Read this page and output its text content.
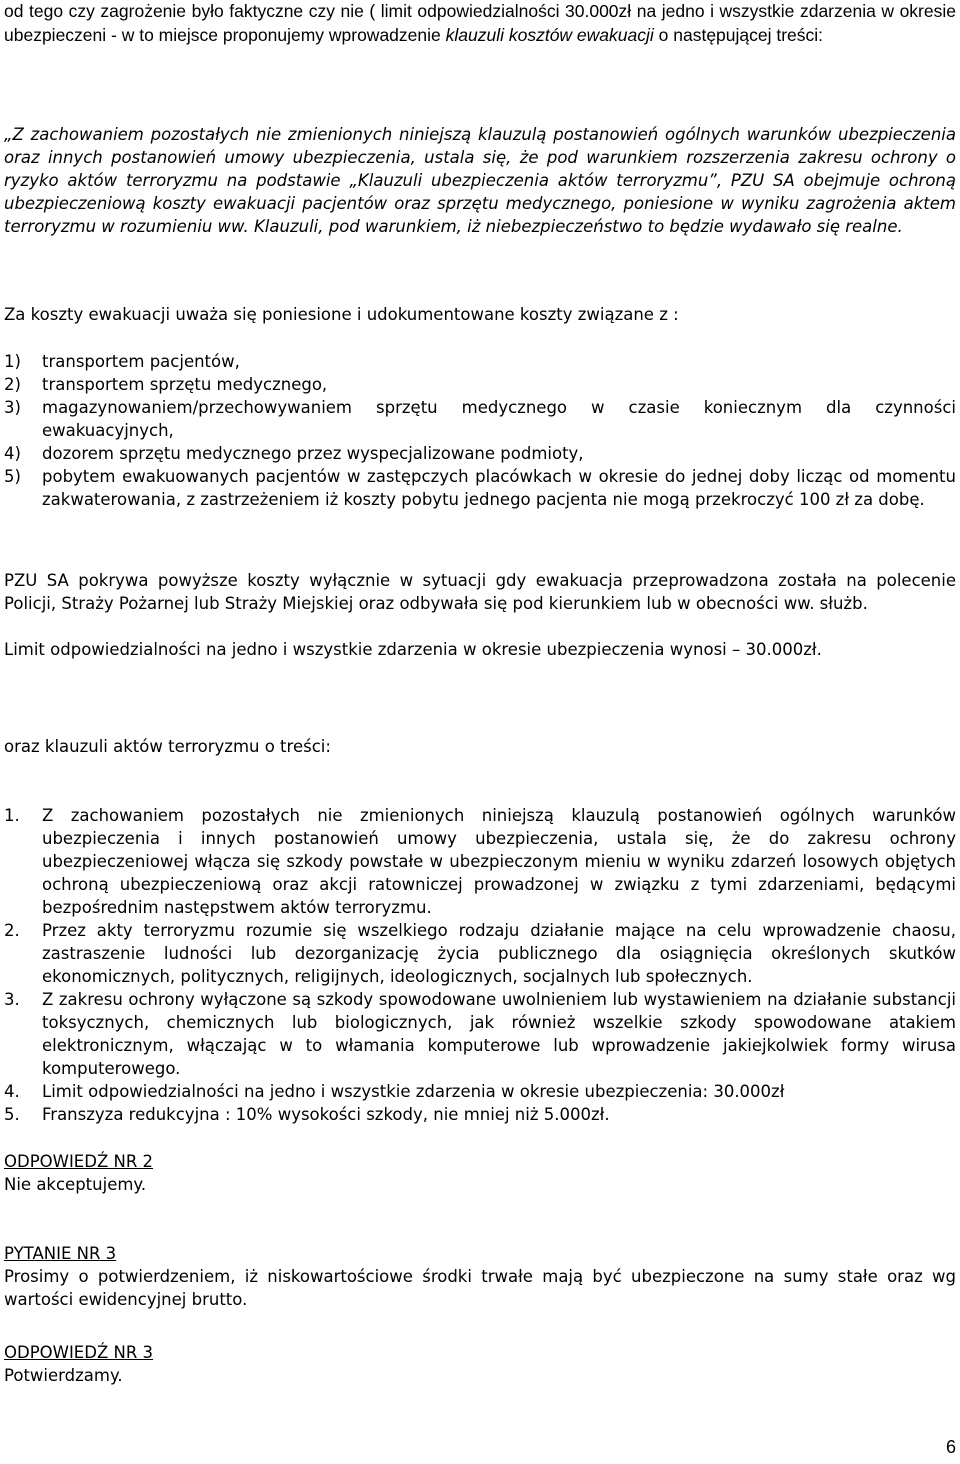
od tego czy zagrożenie było faktyczne czy nie ( limit odpowiedzialności 30.000zł na jedno i wszystkie zdarzenia w okresie ubezpieczeni - w to miejsce proponujemy wprowadzenie klauzuli kosztów ewakuacji o następującej treści:

„Z zachowaniem pozostałych nie zmienionych niniejszą klauzulą postanowień ogólnych warunków ubezpieczenia oraz innych postanowień umowy ubezpieczenia, ustala się, że pod warunkiem rozszerzenia zakresu ochrony o ryzyko aktów terroryzmu na podstawie „Klauzuli ubezpieczenia aktów terroryzmu”, PZU SA obejmuje ochroną ubezpieczeniową koszty ewakuacji pacjentów oraz sprzętu medycznego, poniesione w wyniku zagrożenia aktem terroryzmu w rozumieniu ww. Klauzuli, pod warunkiem, iż niebezpieczeństwo to będzie wydawało się realne.

Za koszty ewakuacji uważa się poniesione i udokumentowane koszty związane z :

1) transportem pacjentów,
2) transportem sprzętu medycznego,
3) magazynowaniem/przechowywaniem sprzętu medycznego w czasie koniecznym dla czynności ewakuacyjnych,
4) dozorem sprzętu medycznego przez wyspecjalizowane podmioty,
5) pobytem ewakuowanych pacjentów w zastępczych placówkach w okresie do jednej doby licząc od momentu zakwaterowania, z zastrzeżeniem iż koszty pobytu jednego pacjenta nie mogą przekroczyć 100 zł za dobę.

PZU SA pokrywa powyższe koszty wyłącznie w sytuacji gdy ewakuacja przeprowadzona została na polecenie Policji, Straży Pożarnej lub Straży Miejskiej oraz odbywała się pod kierunkiem lub w obecności ww. służb.

Limit odpowiedzialności na jedno i wszystkie zdarzenia w okresie ubezpieczenia wynosi – 30.000zł.

oraz klauzuli aktów terroryzmu o treści:

1. Z zachowaniem pozostałych nie zmienionych niniejszą klauzulą postanowień ogólnych warunków ubezpieczenia i innych postanowień umowy ubezpieczenia, ustala się, że do zakresu ochrony ubezpieczeniowej włącza się szkody powstałe w ubezpieczonym mieniu w wyniku zdarzeń losowych objętych ochroną ubezpieczeniową oraz akcji ratowniczej prowadzonej w związku z tymi zdarzeniami, będącymi bezpośrednim następstwem aktów terroryzmu.
2. Przez akty terroryzmu rozumie się wszelkiego rodzaju działanie mające na celu wprowadzenie chaosu, zastraszenie ludności lub dezorganizację życia publicznego dla osiągnięcia określonych skutków ekonomicznych, politycznych, religijnych, ideologicznych, socjalnych lub społecznych.
3. Z zakresu ochrony wyłączone są szkody spowodowane uwolnieniem lub wystawieniem na działanie substancji toksycznych, chemicznych lub biologicznych, jak również wszelkie szkody spowodowane atakiem elektronicznym, włączając w to włamania komputerowe lub wprowadzenie jakiejkolwiek formy wirusa komputerowego.
4. Limit odpowiedzialności na jedno i wszystkie zdarzenia w okresie ubezpieczenia: 30.000zł
5. Franszyza redukcyjna : 10% wysokości szkody, nie mniej niż 5.000zł.

ODPOWIEDŹ NR 2

Nie akceptujemy.

PYTANIE NR 3

Prosimy o potwierdzeniem, iż niskowartościowe środki trwałe mają być ubezpieczone na sumy stałe oraz wg wartości ewidencyjnej brutto.

ODPOWIEDŹ NR 3

Potwierdzamy.

6
